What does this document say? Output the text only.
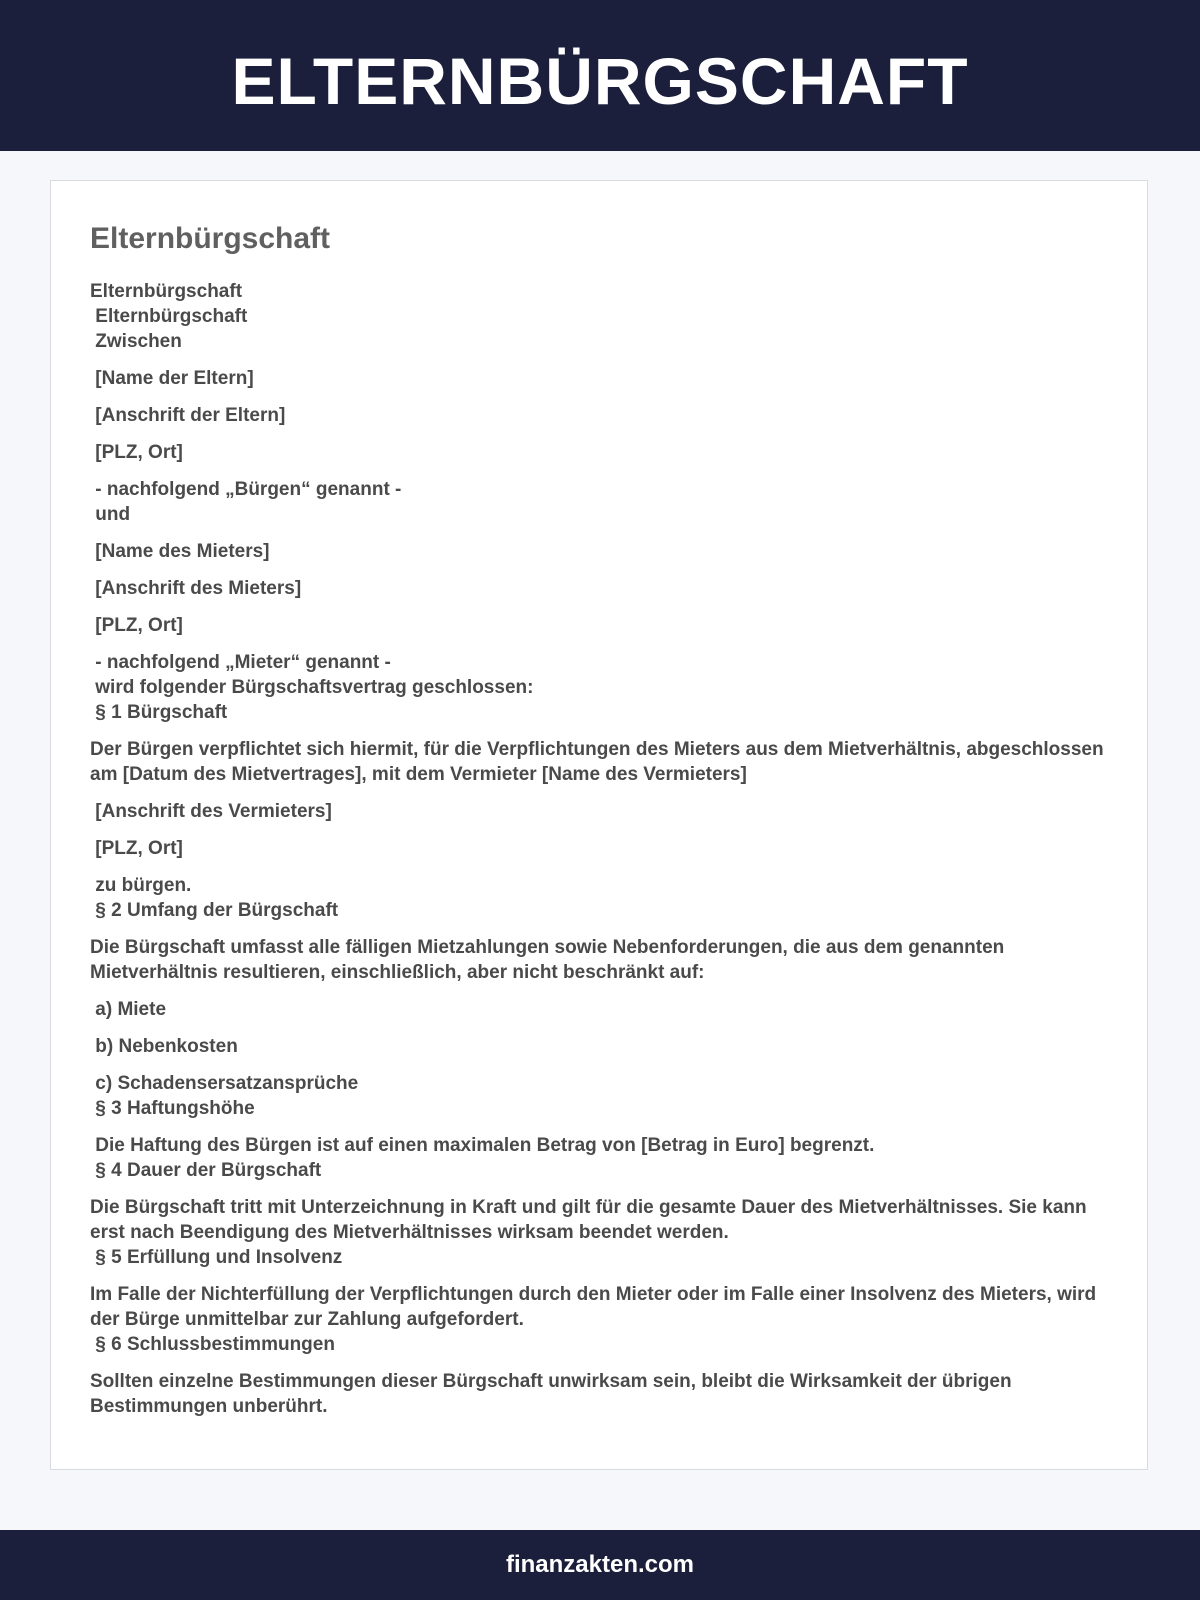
ELTERNBÜRGSCHAFT
Elternbürgschaft

Elternbürgschaft
Elternbürgschaft
Zwischen

[Name der Eltern]

[Anschrift der Eltern]

[PLZ, Ort]

- nachfolgend „Bürgen“ genannt -
und

[Name des Mieters]

[Anschrift des Mieters]

[PLZ, Ort]

- nachfolgend „Mieter“ genannt -
wird folgender Bürgschaftsvertrag geschlossen:
§ 1 Bürgschaft

Der Bürgen verpflichtet sich hiermit, für die Verpflichtungen des Mieters aus dem Mietverhältnis, abgeschlossen am [Datum des Mietvertrages], mit dem Vermieter [Name des Vermieters]

[Anschrift des Vermieters]

[PLZ, Ort]

zu bürgen.
§ 2 Umfang der Bürgschaft

Die Bürgschaft umfasst alle fälligen Mietzahlungen sowie Nebenforderungen, die aus dem genannten Mietverhältnis resultieren, einschließlich, aber nicht beschränkt auf:

a) Miete

b) Nebenkosten

c) Schadensersatzansprüche
§ 3 Haftungshöhe

Die Haftung des Bürgen ist auf einen maximalen Betrag von [Betrag in Euro] begrenzt.
§ 4 Dauer der Bürgschaft

Die Bürgschaft tritt mit Unterzeichnung in Kraft und gilt für die gesamte Dauer des Mietverhältnisses. Sie kann erst nach Beendigung des Mietverhältnisses wirksam beendet werden.
§ 5 Erfüllung und Insolvenz

Im Falle der Nichterfüllung der Verpflichtungen durch den Mieter oder im Falle einer Insolvenz des Mieters, wird der Bürge unmittelbar zur Zahlung aufgefordert.
§ 6 Schlussbestimmungen

Sollten einzelne Bestimmungen dieser Bürgschaft unwirksam sein, bleibt die Wirksamkeit der übrigen Bestimmungen unberührt.

finanzakten.com
